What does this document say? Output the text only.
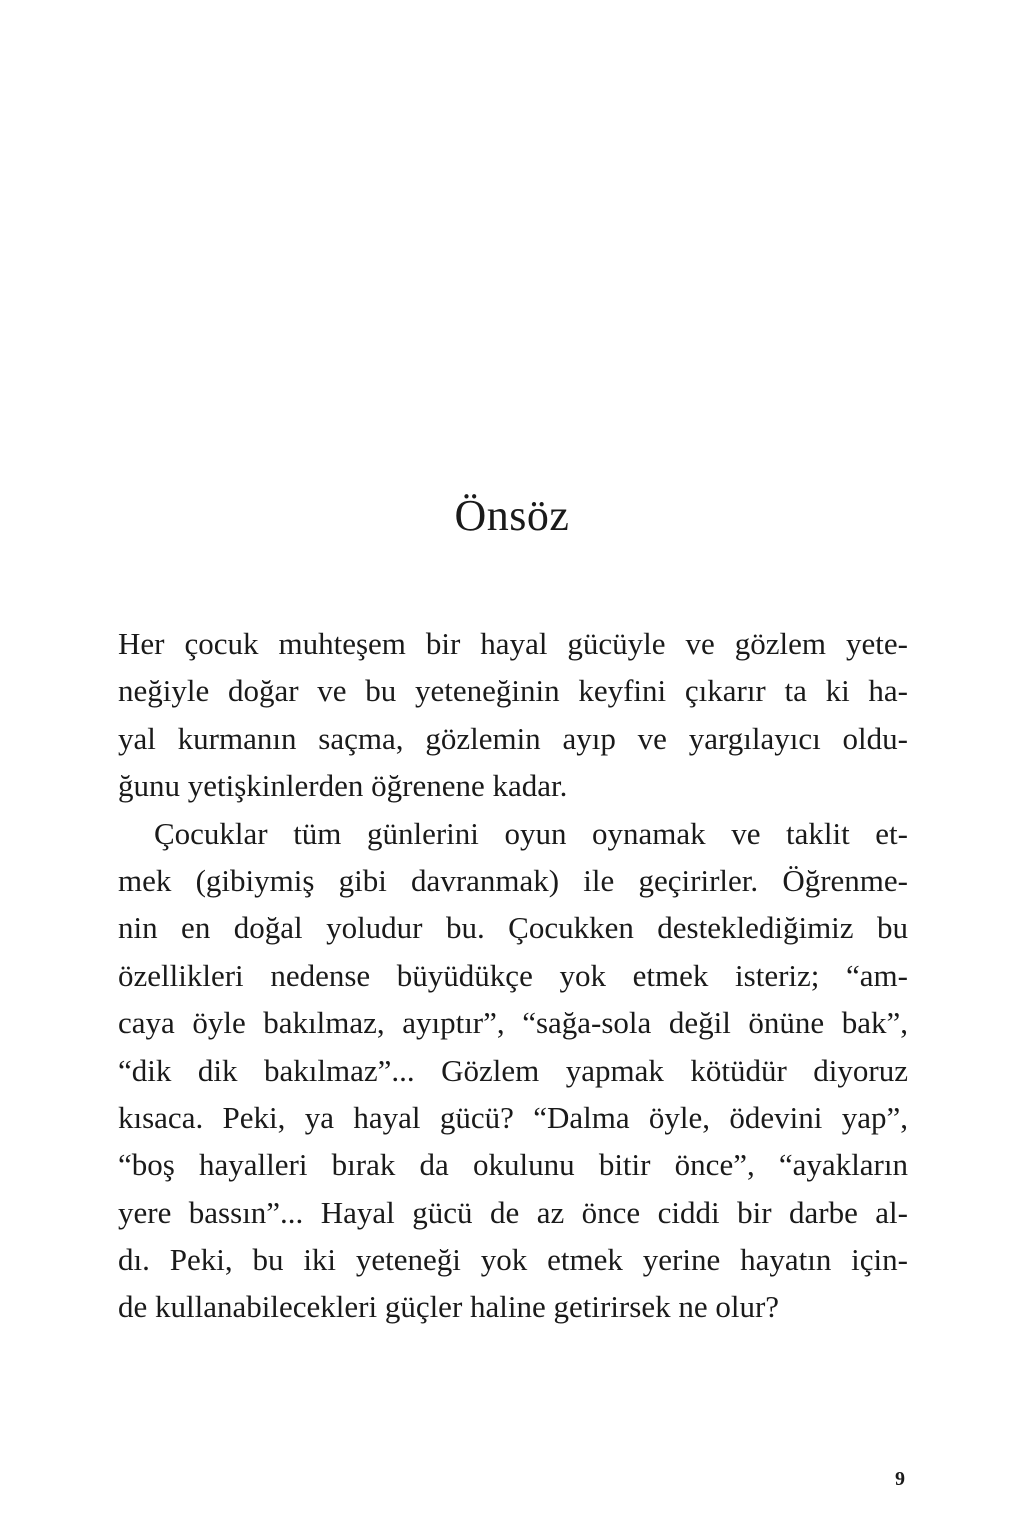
Önsöz
Her çocuk muhteşem bir hayal gücüyle ve gözlem yete-
neğiyle doğar ve bu yeteneğinin keyfini çıkarır ta ki ha-
yal kurmanın saçma, gözlemin ayıp ve yargılayıcı oldu-
ğunu yetişkinlerden öğrenene kadar.
Çocuklar tüm günlerini oyun oynamak ve taklit et-
mek (gibiymiş gibi davranmak) ile geçirirler. Öğrenme-
nin en doğal yoludur bu. Çocukken desteklediğimiz bu
özellikleri nedense büyüdükçe yok etmek isteriz; “am-
caya öyle bakılmaz, ayıptır”, “sağa-sola değil önüne bak”,
“dik dik bakılmaz”... Gözlem yapmak kötüdür diyoruz
kısaca. Peki, ya hayal gücü? “Dalma öyle, ödevini yap”,
“boş hayalleri bırak da okulunu bitir önce”, “ayakların
yere bassın”... Hayal gücü de az önce ciddi bir darbe al-
dı. Peki, bu iki yeteneği yok etmek yerine hayatın için-
de kullanabilecekleri güçler haline getirirsek ne olur?
9
